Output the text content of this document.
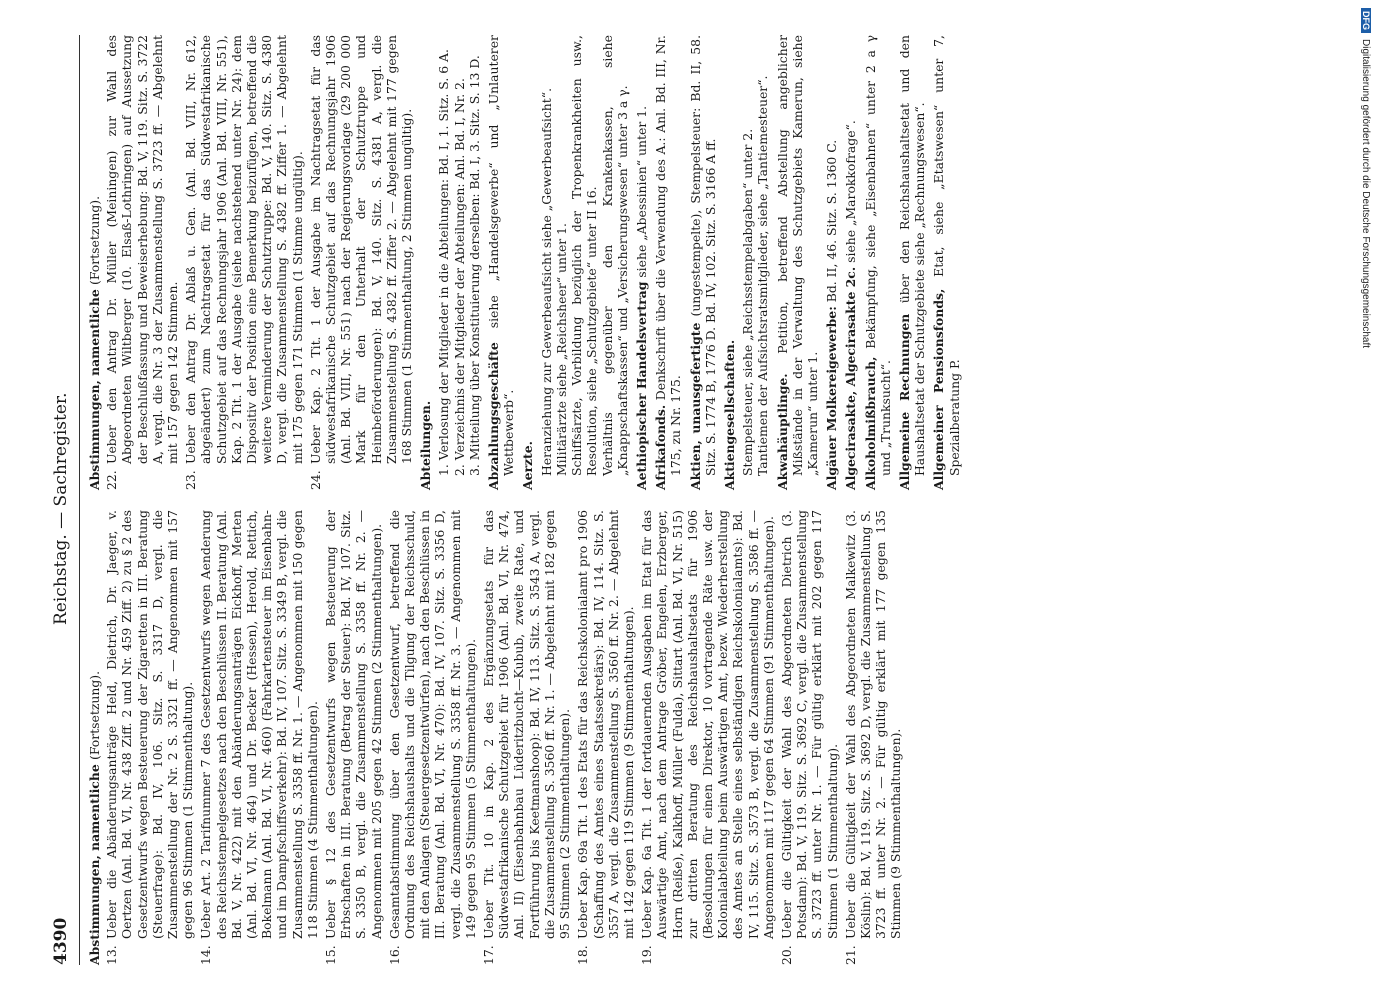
4390
Reichstag. — Sachregister.
Abstimmungen, namentliche (Fortsetzung).
13.Ueber die Abänderungsanträge Held, Dietrich, Dr. Jaeger, v. Oertzen (Anl. Bd. VI, Nr. 438 Ziff. 2 und Nr. 459 Ziff. 2) zu § 2 des Gesetzentwurfs wegen Besteuerung der Zigaretten in III. Beratung (Steuerfrage): Bd. IV, 106. Sitz. S. 3317 D, vergl. die Zusammenstellung der Nr. 2 S. 3321 ff. — Angenommen mit 157 gegen 96 Stimmen (1 Stimmenthaltung).
14.Ueber Art. 2 Tarifnummer 7 des Gesetzentwurfs wegen Aenderung des Reichsstempelgesetzes nach den Beschlüssen II. Beratung (Anl. Bd. V, Nr. 422) mit den Abänderungsanträgen Eickhoff, Merten (Anl. Bd. VI, Nr. 464) und Dr. Becker (Hessen), Herold, Rettich, Bokelmann (Anl. Bd. VI, Nr. 460) (Fahrkartensteuer im Eisenbahn- und im Dampfschiffsverkehr): Bd. IV, 107. Sitz. S. 3349 B, vergl. die Zusammenstellung S. 3358 ff. Nr. 1. — Angenommen mit 150 gegen 118 Stimmen (4 Stimmenthaltungen).
15.Ueber § 12 des Gesetzentwurfs wegen Besteuerung der Erbschaften in III. Beratung (Betrag der Steuer): Bd. IV, 107. Sitz. S. 3350 B, vergl. die Zusammenstellung S. 3358 ff. Nr. 2. — Angenommen mit 205 gegen 42 Stimmen (2 Stimmenthaltungen).
16.Gesamtabstimmung über den Gesetzentwurf, betreffend die Ordnung des Reichshaushalts und die Tilgung der Reichsschuld, mit den Anlagen (Steuergesetzentwürfen), nach den Beschlüssen in III. Beratung (Anl. Bd. VI, Nr. 470): Bd. IV, 107. Sitz. S. 3356 D, vergl. die Zusammenstellung S. 3358 ff. Nr. 3. — Angenommen mit 149 gegen 95 Stimmen (5 Stimmenthaltungen).
17.Ueber Tit. 10 in Kap. 2 des Ergänzungsetats für das Südwestafrikanische Schutzgebiet für 1906 (Anl. Bd. VI, Nr. 474, Anl. II) (Eisenbahnbau Lüderitzbucht—Kubub, zweite Rate, und Fortführung bis Keetmanshoop): Bd. IV, 113. Sitz. S. 3543 A, vergl. die Zusammenstellung S. 3560 ff. Nr. 1. — Abgelehnt mit 182 gegen 95 Stimmen (2 Stimmenthaltungen).
18.Ueber Kap. 69a Tit. 1 des Etats für das Reichskolonialamt pro 1906 (Schaffung des Amtes eines Staatssekretärs): Bd. IV, 114. Sitz. S. 3557 A, vergl. die Zusammenstellung S. 3560 ff. Nr. 2. — Abgelehnt mit 142 gegen 119 Stimmen (9 Stimmenthaltungen).
19.Ueber Kap. 6a Tit. 1 der fortdauernden Ausgaben im Etat für das Auswärtige Amt, nach dem Antrage Gröber, Engelen, Erzberger, Horn (Reiße), Kalkhoff, Müller (Fulda), Sittart (Anl. Bd. VI, Nr. 515) zur dritten Beratung des Reichshaushaltsetats für 1906 (Besoldungen für einen Direktor, 10 vortragende Räte usw. der Kolonialabteilung beim Auswärtigen Amt, bezw. Wiederherstellung des Amtes an Stelle eines selbständigen Reichskolonialamts): Bd. IV, 115. Sitz. S. 3573 B, vergl. die Zusammenstellung S. 3586 ff. — Angenommen mit 117 gegen 64 Stimmen (91 Stimmenthaltungen).
20.Ueber die Gültigkeit der Wahl des Abgeordneten Dietrich (3. Potsdam): Bd. V, 119. Sitz. S. 3692 C, vergl. die Zusammenstellung S. 3723 ff. unter Nr. 1. — Für gültig erklärt mit 202 gegen 117 Stimmen (1 Stimmenthaltung).
21.Ueber die Gültigkeit der Wahl des Abgeordneten Malkewitz (3. Köslin): Bd. V, 119. Sitz. S. 3692 D, vergl. die Zusammenstellung S. 3723 ff. unter Nr. 2. — Für gültig erklärt mit 177 gegen 135 Stimmen (9 Stimmenthaltungen).
Abstimmungen, namentliche (Fortsetzung).
22.Ueber den Antrag Dr. Müller (Meiningen) zur Wahl des Abgeordneten Wiltberger (10. Elsaß-Lothringen) auf Aussetzung der Beschlußfassung und Beweiserhebung: Bd. V, 119. Sitz. S. 3722 A, vergl. die Nr. 3 der Zusammenstellung S. 3723 ff. — Abgelehnt mit 157 gegen 142 Stimmen.
23.Ueber den Antrag Dr. Ablaß u. Gen. (Anl. Bd. VIII, Nr. 612, abgeändert) zum Nachtragsetat für das Südwestafrikanische Schutzgebiet auf das Rechnungsjahr 1906 (Anl. Bd. VIII, Nr. 551), Kap. 2 Tit. 1 der Ausgabe (siehe nachstehend unter Nr. 24): dem Dispositiv der Position eine Bemerkung beizufügen, betreffend die weitere Verminderung der Schutztruppe: Bd. V, 140. Sitz. S. 4380 D, vergl. die Zusammenstellung S. 4382 ff. Ziffer 1. — Abgelehnt mit 175 gegen 171 Stimmen (1 Stimme ungültig).
24.Ueber Kap. 2 Tit. 1 der Ausgabe im Nachtragsetat für das südwestafrikanische Schutzgebiet auf das Rechnungsjahr 1906 (Anl. Bd. VIII, Nr. 551) nach der Regierungsvorlage (29 200 000 Mark für den Unterhalt der Schutztruppe und Heimbeförderungen): Bd. V, 140. Sitz. S. 4381 A, vergl. die Zusammenstellung S. 4382 ff. Ziffer 2. — Abgelehnt mit 177 gegen 168 Stimmen (1 Stimmenthaltung, 2 Stimmen ungültig). Abteilungen. 1. Verlosung der Mitglieder in die Abteilungen: Bd. I, 1. Sitz. S. 6 A. 2. Verzeichnis der Mitglieder der Abteilungen: Anl. Bd. I, Nr. 2. 3. Mitteilung über Konstituierung derselben: Bd. I, 3. Sitz. S. 13 D. Abzahlungsgeschäfte siehe „Handelsgewerbe“ und „Unlauterer Wettbewerb“. Aerzte. Heranziehung zur Gewerbeaufsicht siehe „Gewerbeaufsicht“. Militärärzte siehe „Reichsheer“ unter 1. Schiffsärzte, Vorbildung bezüglich der Tropenkrankheiten usw., Resolution, siehe „Schutzgebiete“ unter II 16. Verhältnis gegenüber den Krankenkassen, siehe „Knappschaftskassen“ und „Versicherungswesen“ unter 3 a γ. Aethiopischer Handelsvertrag siehe „Abessinien“ unter 1.
Afrikafonds. Denkschrift über die Verwendung des A.: Anl. Bd. III, Nr. 175, zu Nr. 175. Aktien, unausgefertigte (ungestempelte), Stempelsteuer: Bd. II, 58. Sitz. S. 1774 B, 1776 D. Bd. IV, 102. Sitz. S. 3166 A ff. Aktiengesellschaften. Stempelsteuer, siehe „Reichsstempelabgaben“ unter 2. Tantiemen der Aufsichtsratsmitglieder, siehe „Tantiemesteuer“. Akwahäuptlinge. Petition, betreffend Abstellung angeblicher Mißstände in der Verwaltung des Schutzgebiets Kamerun, siehe „Kamerun“ unter 1. Algäuer Molkereigewerbe: Bd. II, 46. Sitz. S. 1360 C.
Algecirasakte, Algecirasakte 2c. siehe „Marokkofrage“.
Alkoholmißbrauch, Bekämpfung, siehe „Eisenbahnen“ unter 2 a γ und „Trunksucht“. Allgemeine Rechnungen über den Reichshaushaltsetat und den Haushaltsetat der Schutzgebiete siehe „Rechnungswesen“. Allgemeiner Pensionsfonds, Etat, siehe „Etatswesen“ unter 7, Spezialberatung P.
DFGDigitalisierung gefördert durch die Deutsche Forschungsgemeinschaft
